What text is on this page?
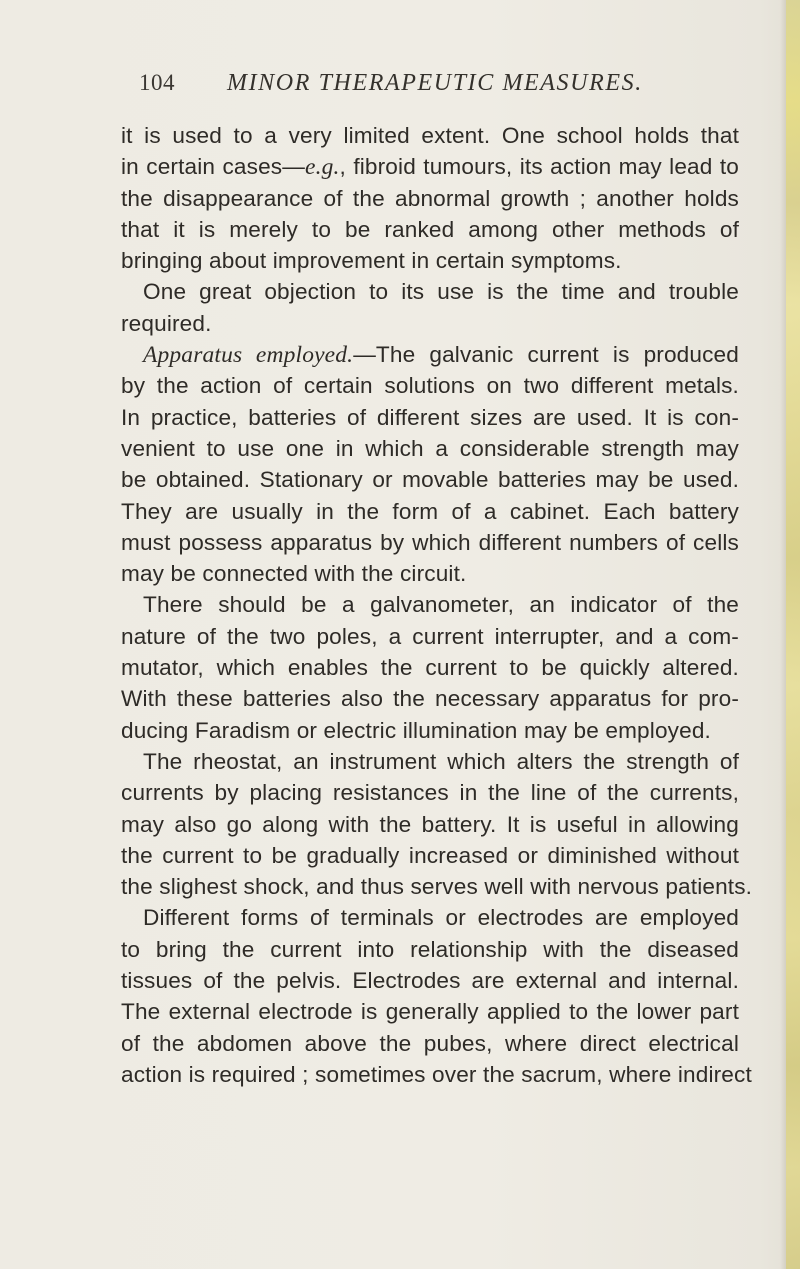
104 MINOR THERAPEUTIC MEASURES.
it is used to a very limited extent. One school holds that
in certain cases—e.g., fibroid tumours, its action may lead to
the disappearance of the abnormal growth ; another holds
that it is merely to be ranked among other methods of
bringing about improvement in certain symptoms.
One great objection to its use is the time and trouble
required.
Apparatus employed.—The galvanic current is produced
by the action of certain solutions on two different metals.
In practice, batteries of different sizes are used. It is con-
venient to use one in which a considerable strength may
be obtained. Stationary or movable batteries may be used.
They are usually in the form of a cabinet. Each battery
must possess apparatus by which different numbers of cells
may be connected with the circuit.
There should be a galvanometer, an indicator of the
nature of the two poles, a current interrupter, and a com-
mutator, which enables the current to be quickly altered.
With these batteries also the necessary apparatus for pro-
ducing Faradism or electric illumination may be employed.
The rheostat, an instrument which alters the strength of
currents by placing resistances in the line of the currents,
may also go along with the battery. It is useful in allowing
the current to be gradually increased or diminished without
the slighest shock, and thus serves well with nervous patients.
Different forms of terminals or electrodes are employed
to bring the current into relationship with the diseased
tissues of the pelvis. Electrodes are external and internal.
The external electrode is generally applied to the lower part
of the abdomen above the pubes, where direct electrical
action is required ; sometimes over the sacrum, where indirect
